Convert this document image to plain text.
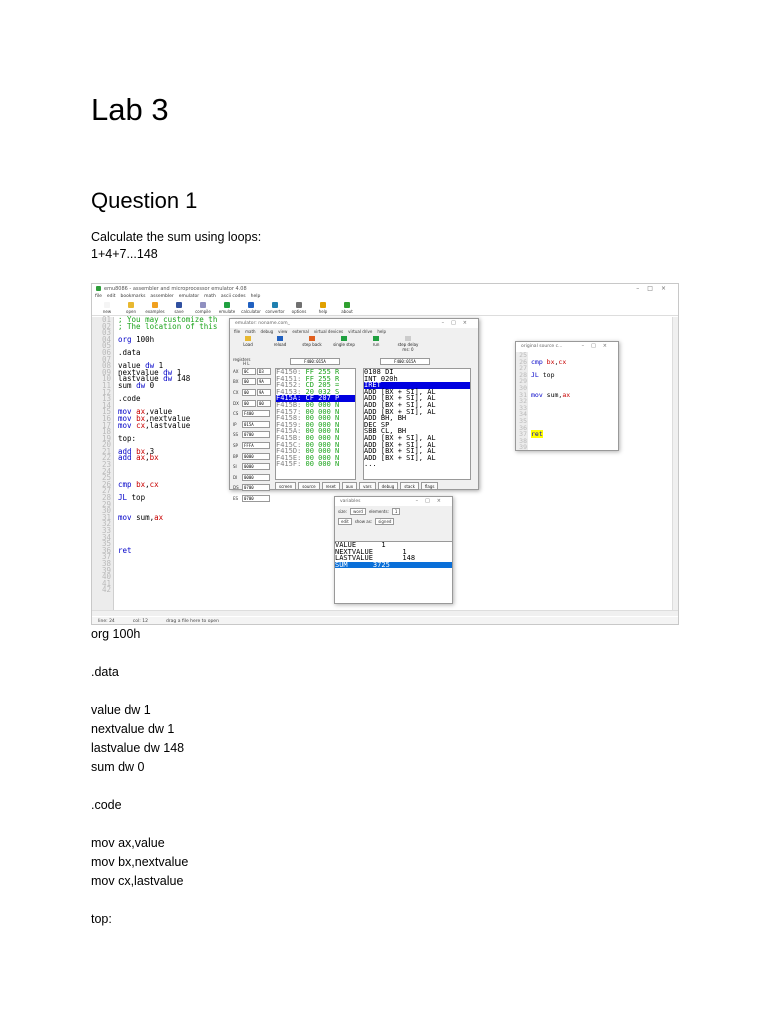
Lab 3
Question 1
Calculate the sum using loops:
1+4+7...148
emu8086 - assembler and microprocessor emulator 4.08	–□×
file edit bookmarks assembler emulator math ascii codes help
new	open	examples	save	compile	emulate	calculator	convertor	options	help	about
01
02
03
04
05
06
07
08
09
10
11
12
13
14
15
16
17
18
19
20
21
22
23
24
25
26
27
28
29
30
31
32
33
34
35
36
37
38
39
40
41
42
; You may customize th
; The location of this
org 100h
.data
value dw 1
nextvalue dw 1
lastvalue dw 148
sum dw 0
.code
mov ax,value
mov bx,nextvalue
mov cx,lastvalue
top:
add bx,3
add ax,bx
cmp bx,cx
JL top
mov sum,ax
ret
line: 24	col: 12	drag a file here to open
emulator: noname.com_	–□×
file math debug view external virtual devices virtual drive help
Load	reload	step back	single step	run	step delay ms: 0
registers
H L
AX	0C	D3
BX	00	9A
CX	00	9A
DX	00	00
CS	F400
IP	015A
SS	0700
SP	FFFA
BP	0000
SI	0000
DI	0000
DS	0700
ES	0700
F400:015A	F400:015A
F4150: FF 255 R
F4151: FF 255 R
F4152: CD 205 =
F4153: 20 032 S
F415A: CF 207 P
F415B: 00 000 N
F4157: 00 000 N
F4158: 00 000 N
F4159: 00 000 N
F415A: 00 000 N
F415B: 00 000 N
F415C: 00 000 N
F415D: 00 000 N
F415E: 00 000 N
F415F: 00 000 N
0108 DI
INT 020h
IRET
ADD [BX + SI], AL
ADD [BX + SI], AL
ADD [BX + SI], AL
ADD [BX + SI], AL
ADD BH, BH
DEC SP
SBB CL, BH
ADD [BX + SI], AL
ADD [BX + SI], AL
ADD [BX + SI], AL
ADD [BX + SI], AL
...
screen	source	reset	aux	vars	debug	stack	flags
original source c...	–□×
25
26
27
28
29
30
31
32
33
34
35
36
37
38
39
cmp bx,cx
JL top
mov sum,ax
ret
variables	–□×
size:	word	elements:	1
edit	show as:	signed
VALUE      1
NEXTVALUE       1
LASTVALUE       148
SUM      3725
org 100h
.data
value dw 1
nextvalue dw 1
lastvalue dw 148
sum dw 0
.code
mov ax,value
mov bx,nextvalue
mov cx,lastvalue
top:
